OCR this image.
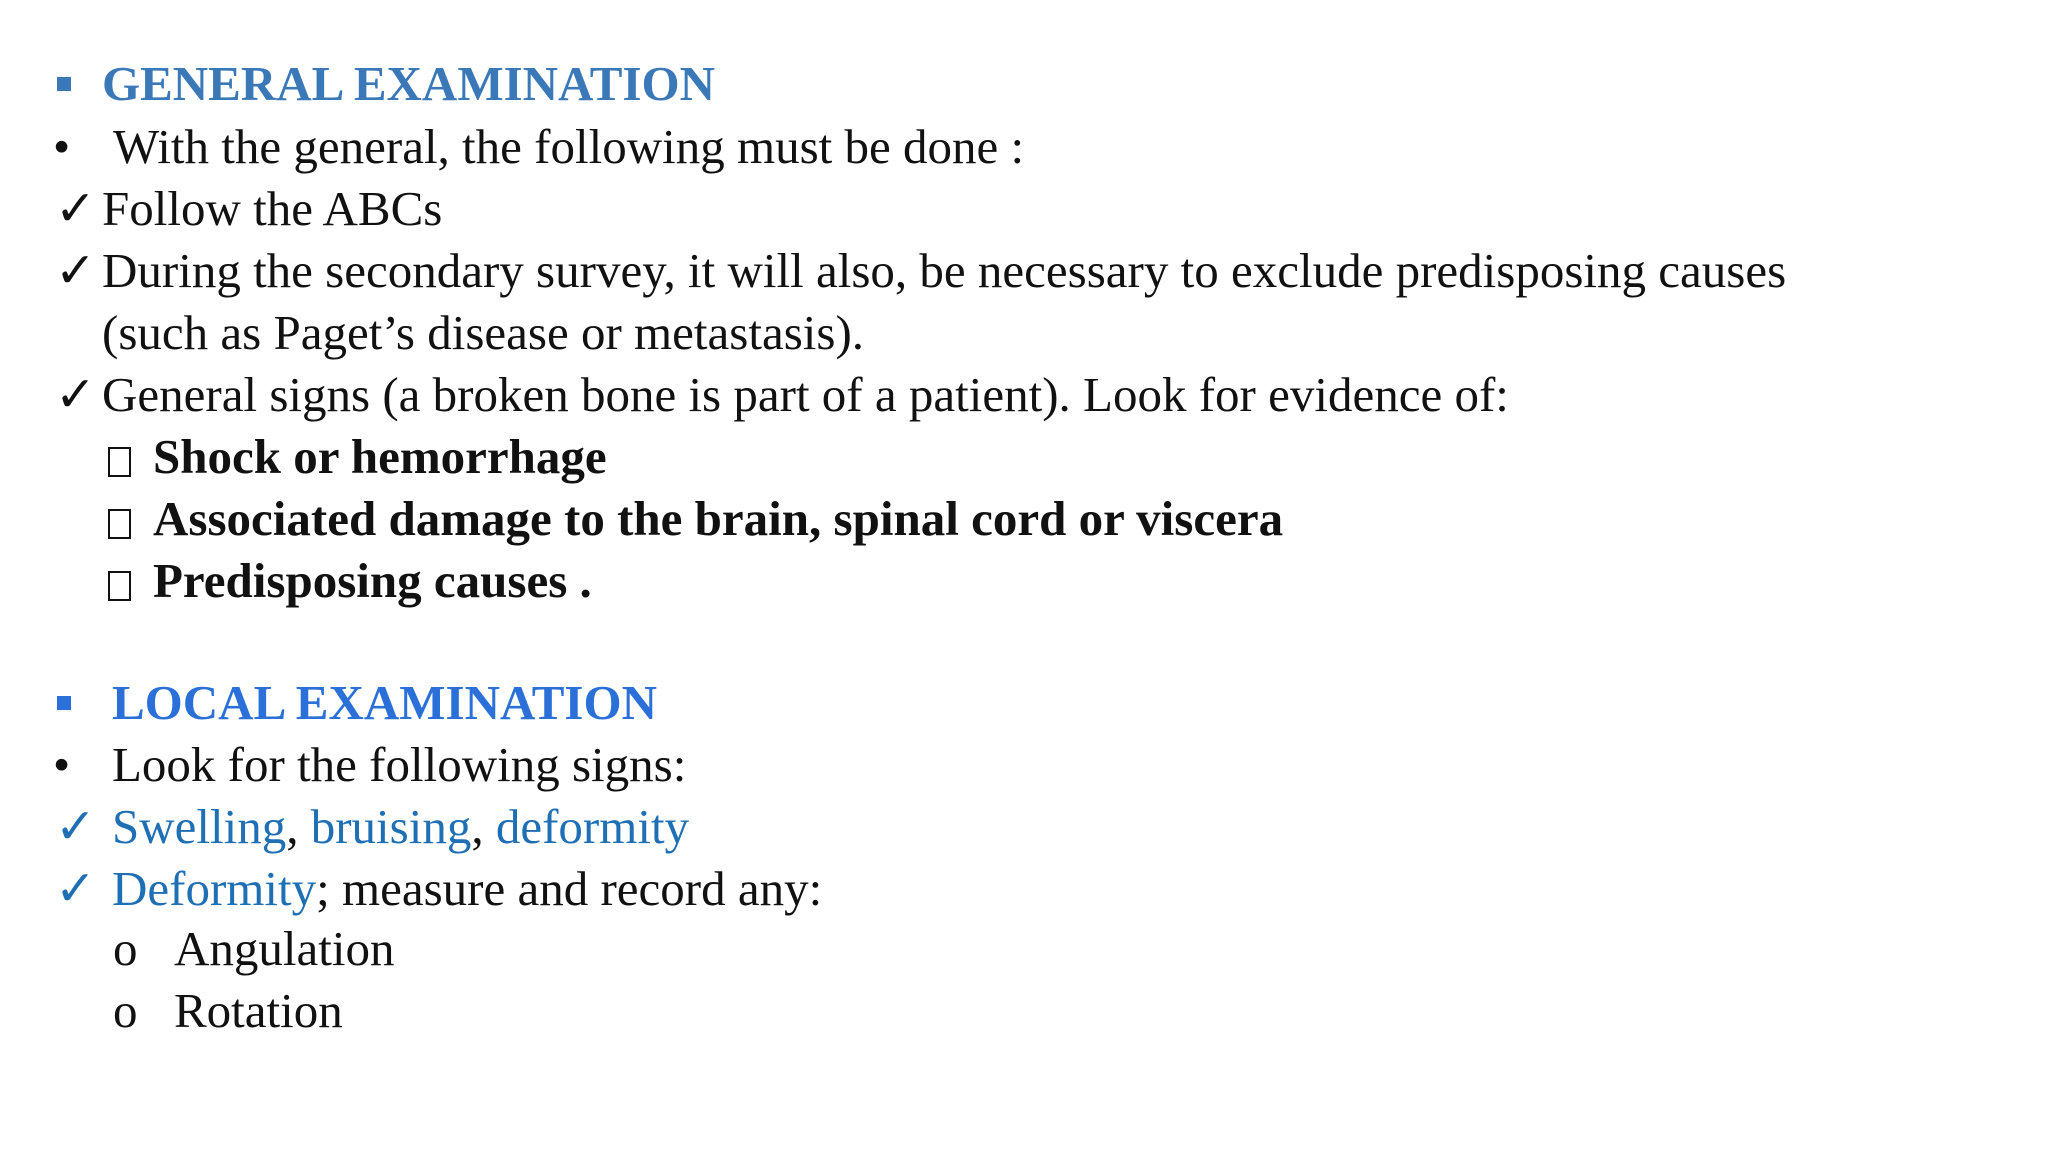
GENERAL EXAMINATION
• With the general, the following must be done :
✓ Follow the ABCs
✓ During the secondary survey, it will also, be necessary to exclude predisposing causes
(such as Paget’s disease or metastasis).
✓ General signs (a broken bone is part of a patient). Look for evidence of:
Shock or hemorrhage
Associated damage to the brain, spinal cord or viscera
Predisposing causes .
LOCAL EXAMINATION
• Look for the following signs:
✓ Swelling, bruising, deformity
✓ Deformity; measure and record any:
o Angulation
o Rotation
